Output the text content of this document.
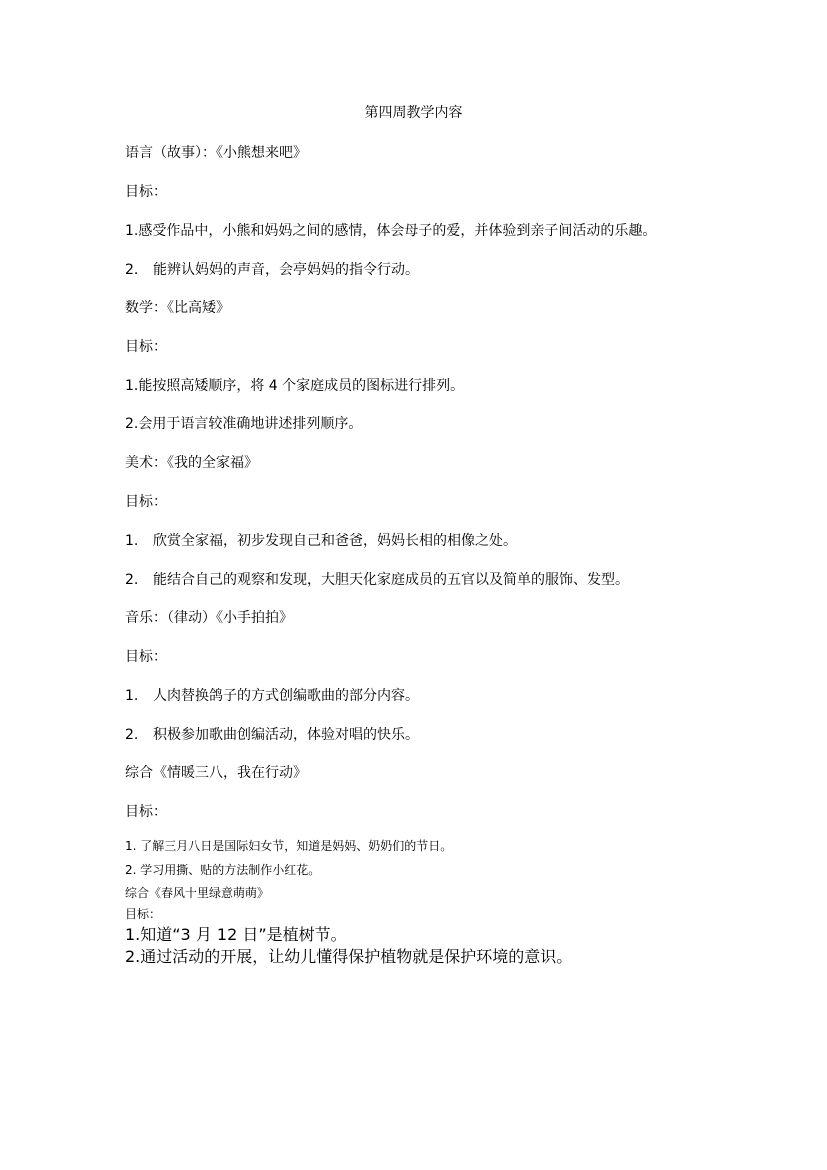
第四周教学内容
语言（故事）：《小熊想来吧》
目标：
1.感受作品中，小熊和妈妈之间的感情，体会母子的爱，并体验到亲子间活动的乐趣。
2. 能辨认妈妈的声音，会亭妈妈的指令行动。
数学：《比高矮》
目标：
1.能按照高矮顺序，将 4 个家庭成员的图标进行排列。
2.会用于语言较准确地讲述排列顺序。
美术：《我的全家福》
目标：
1. 欣赏全家福，初步发现自己和爸爸，妈妈长相的相像之处。
2. 能结合自己的观察和发现，大胆天化家庭成员的五官以及简单的服饰、发型。
音乐：（律动）《小手拍拍》
目标：
1. 人肉替换鸽子的方式创编歌曲的部分内容。
2. 积极参加歌曲创编活动，体验对唱的快乐。
综合《情暖三八，我在行动》
目标：
1. 了解三月八日是国际妇女节，知道是妈妈、奶奶们的节日。
2. 学习用撕、贴的方法制作小红花。
综合《春风十里绿意萌萌》
目标：
1.知道“3 月 12 日”是植树节。
2.通过活动的开展，让幼儿懂得保护植物就是保护环境的意识。
